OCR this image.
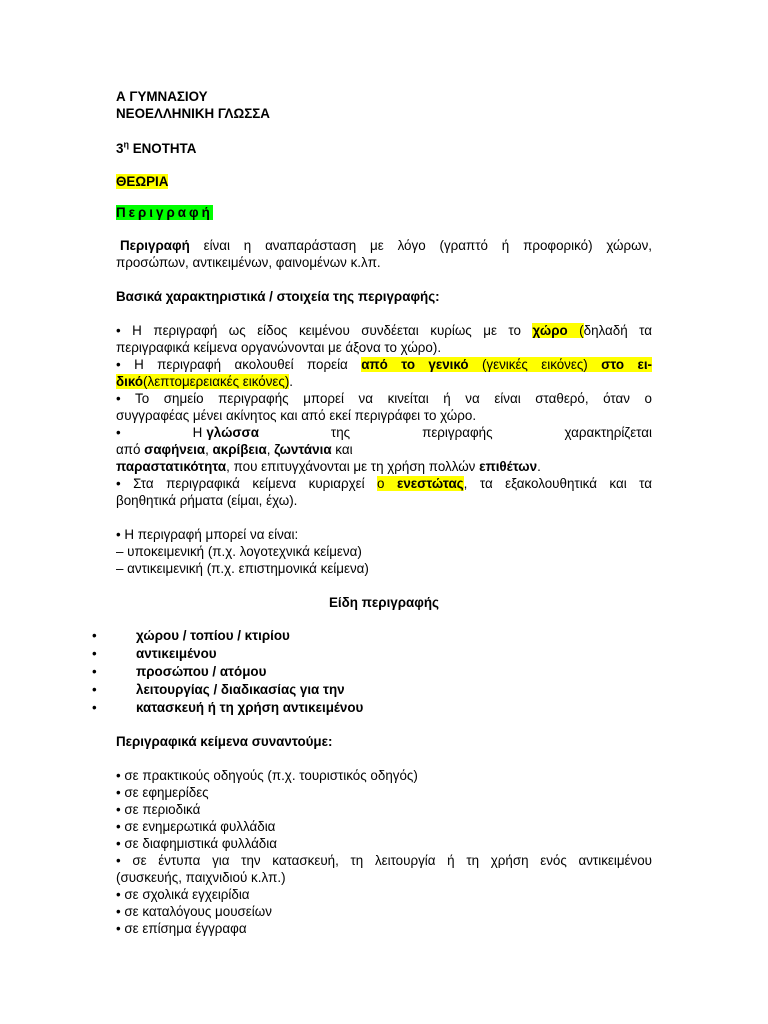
Α ΓΥΜΝΑΣΙΟΥ
ΝΕΟΕΛΛΗΝΙΚΗ ΓΛΩΣΣΑ
$3^\eta$ ΕΝΟΤΗΤΑ
ΘΕΩΡΙΑ
Περιγραφή
Περιγραφή είναι η αναπαράσταση με λόγο (γραπτό ή προφορικό) χώρων,
προσώπων, αντικειμένων, φαινομένων κ.λπ.
Βασικά χαρακτηριστικά / στοιχεία της περιγραφής:
• Η περιγραφή ως είδος κειμένου συνδέεται κυρίως με το χώρο (δηλαδή τα
περιγραφικά κείμενα οργανώνονται με άξονα το χώρο).
• Η περιγραφή ακολουθεί πορεία από το γενικό (γενικές εικόνες) στο ει-
δικό(λεπτομερειακές εικόνες).
• Το σημείο περιγραφής μπορεί να κινείται ή να είναι σταθερό, όταν ο
συγγραφέας μένει ακίνητος και από εκεί περιγράφει το χώρο.
•	Η γλώσσα	της	περιγραφής	χαρακτηρίζεται
από σαφήνεια, ακρίβεια, ζωντάνια και
παραστατικότητα, που επιτυγχάνονται με τη χρήση πολλών επιθέτων.
• Στα περιγραφικά κείμενα κυριαρχεί ο ενεστώτας, τα εξακολουθητικά και τα
βοηθητικά ρήματα (είμαι, έχω).
• Η περιγραφή μπορεί να είναι:
– υποκειμενική (π.χ. λογοτεχνικά κείμενα)
– αντικειμενική (π.χ. επιστημονικά κείμενα)
Είδη περιγραφής
•	χώρου / τοπίου / κτιρίου
•	αντικειμένου
•	προσώπου / ατόμου
•	λειτουργίας / διαδικασίας για την
•	κατασκευή ή τη χρήση αντικειμένου
Περιγραφικά κείμενα συναντούμε:
• σε πρακτικούς οδηγούς (π.χ. τουριστικός οδηγός)
• σε εφημερίδες
• σε περιοδικά
• σε ενημερωτικά φυλλάδια
• σε διαφημιστικά φυλλάδια
• σε έντυπα για την κατασκευή, τη λειτουργία ή τη χρήση ενός αντικειμένου
(συσκευής, παιχνιδιού κ.λπ.)
• σε σχολικά εγχειρίδια
• σε καταλόγους μουσείων
• σε επίσημα έγγραφα
